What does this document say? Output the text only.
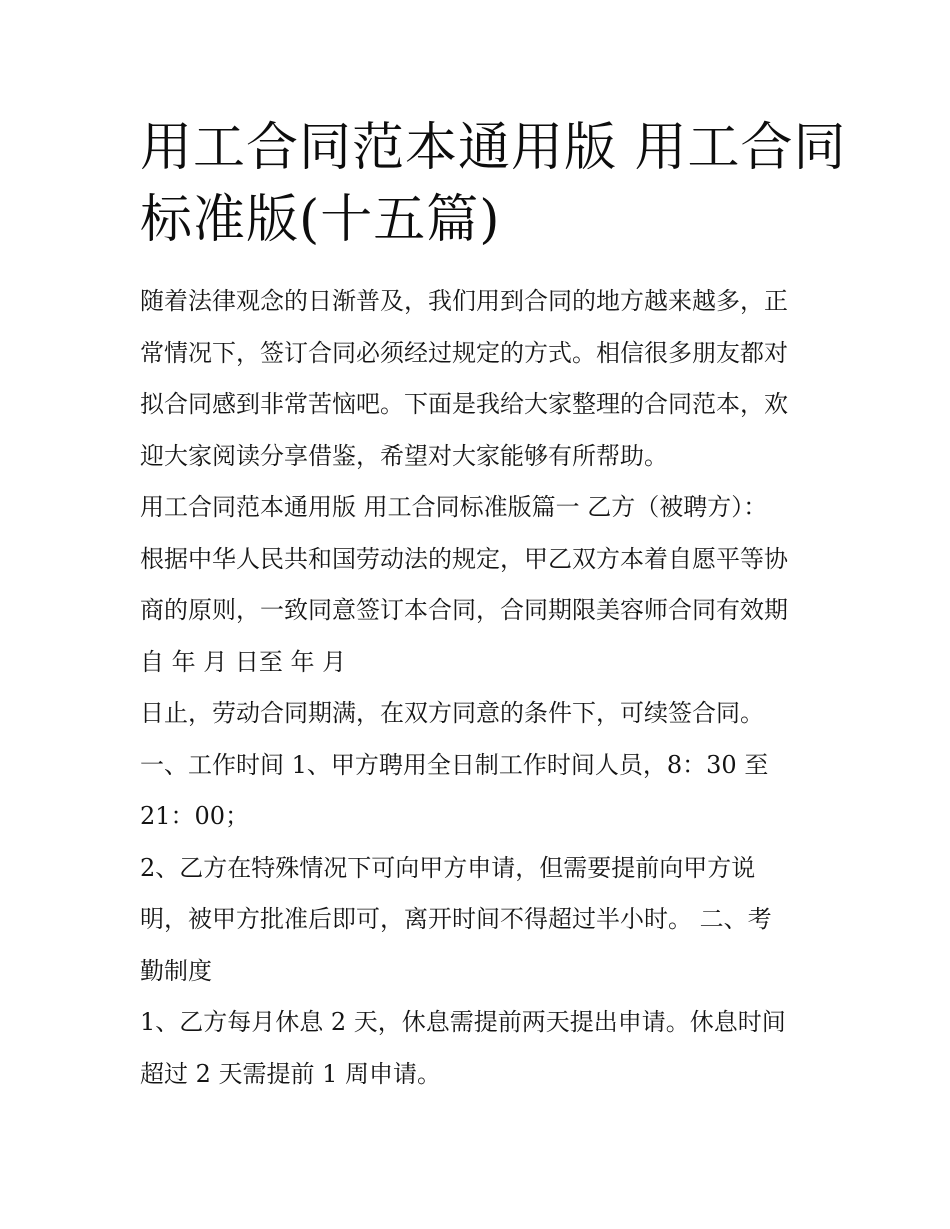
用工合同范本通用版 用工合同
标准版(十五篇)
随着法律观念的日渐普及，我们用到合同的地方越来越多，正
常情况下，签订合同必须经过规定的方式。相信很多朋友都对
拟合同感到非常苦恼吧。下面是我给大家整理的合同范本，欢
迎大家阅读分享借鉴，希望对大家能够有所帮助。
用工合同范本通用版 用工合同标准版篇一 乙方（被聘方）：
根据中华人民共和国劳动法的规定，甲乙双方本着自愿平等协
商的原则，一致同意签订本合同，合同期限美容师合同有效期
自 年 月 日至 年 月
日止，劳动合同期满，在双方同意的条件下，可续签合同。
一、工作时间 1、甲方聘用全日制工作时间人员，8：30 至
21：00；
2、乙方在特殊情况下可向甲方申请，但需要提前向甲方说
明，被甲方批准后即可，离开时间不得超过半小时。 二、考
勤制度
1、乙方每月休息 2 天，休息需提前两天提出申请。休息时间
超过 2 天需提前 1 周申请。
